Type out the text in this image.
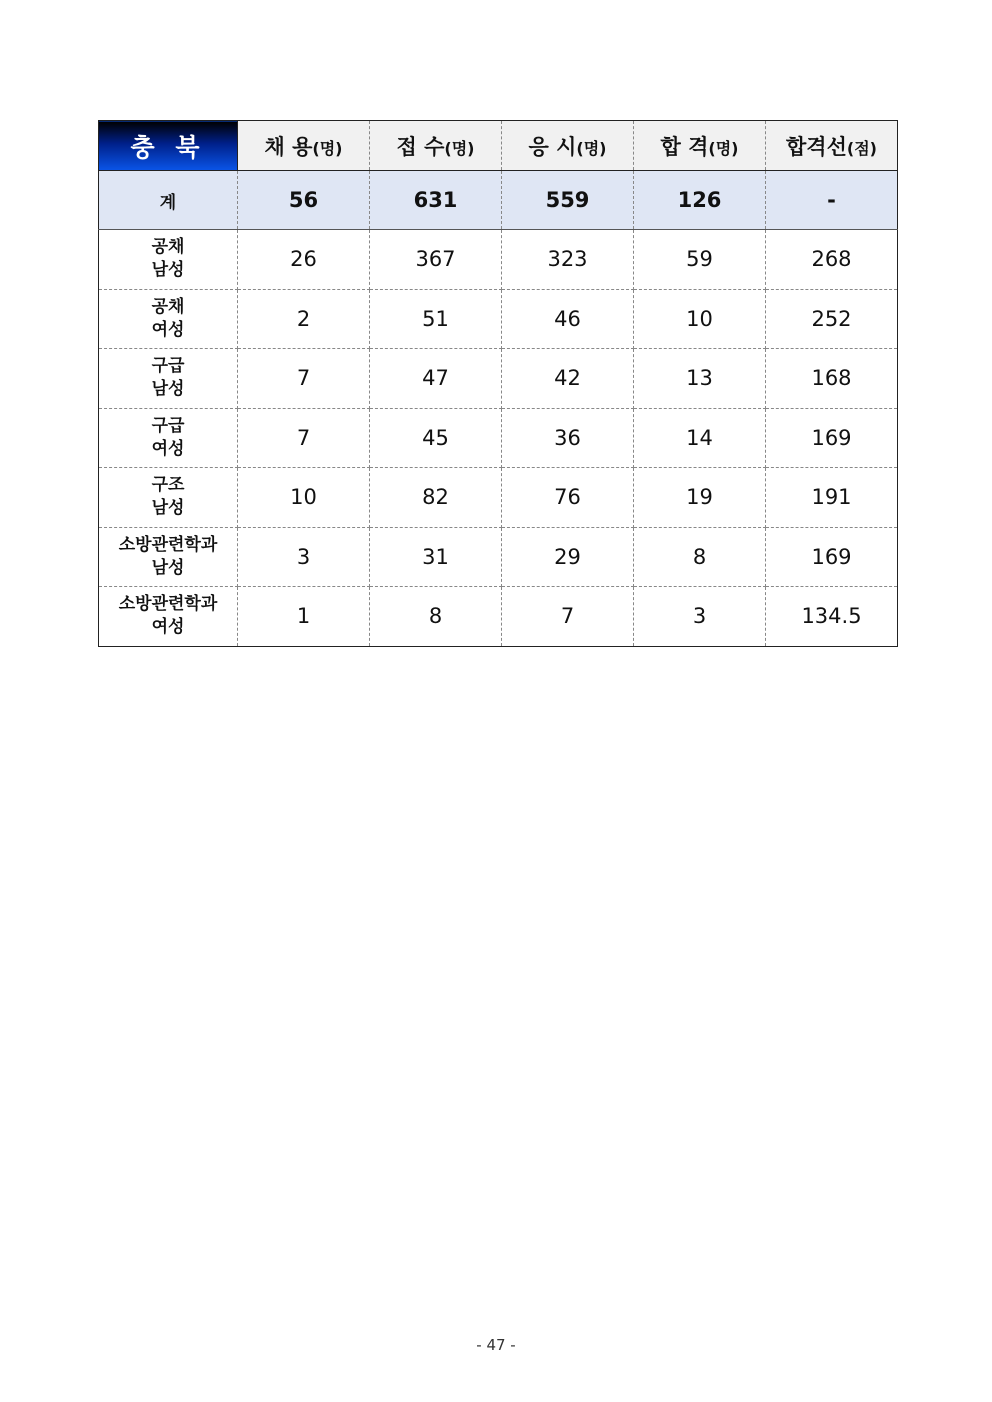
충 북	채 용(명)	접 수(명)	응 시(명)	합 격(명)	합격선(점)
계	56	631	559	126	-

공채
남성	26	367	323	59	268

공채
여성	2	51	46	10	252

구급
남성	7	47	42	13	168

구급
여성	7	45	36	14	169

구조
남성	10	82	76	19	191

소방관련학과
남성	3	31	29	8	169

소방관련학과
여성	1	8	7	3	134.5
- 47 -
